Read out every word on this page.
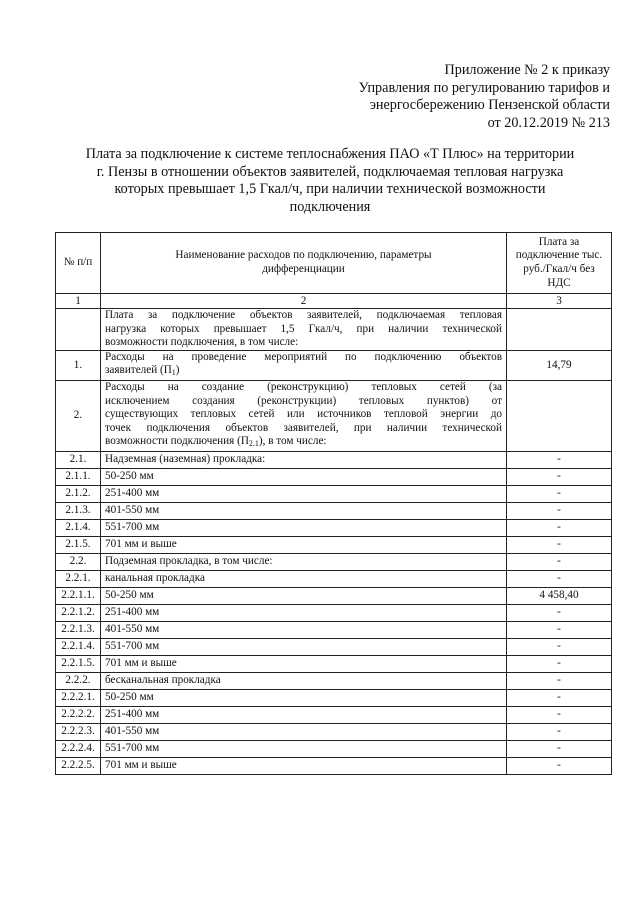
Приложение № 2 к приказу
Управления по регулированию тарифов и
энергосбережению Пензенской области
от 20.12.2019 № 213
Плата за подключение к системе теплоснабжения ПАО «Т Плюс» на территории
г. Пензы в отношении объектов заявителей, подключаемая тепловая нагрузка
которых превышает 1,5 Гкал/ч, при наличии технической возможности
подключения
№ п/п	Наименование расходов по подключению, параметры дифференциации	Плата за подключение тыс. руб./Гкал/ч без НДС
1	2	3

	Плата за подключение объектов заявителей, подключаемая тепловая
нагрузка которых превышает 1,5 Гкал/ч, при наличии технической
возможности подключения, в том числе:	

1.	Расходы на проведение мероприятий по подключению объектов
заявителей $(П_1)$	14,79
2.	Расходы на создание (реконструкцию) тепловых сетей (за
исключением создания (реконструкции) тепловых пунктов) от
существующих тепловых сетей или источников тепловой энергии до
точек подключения объектов заявителей, при наличии технической
возможности подключения $(П_{2.1})$, в том числе:	

2.1.	Надземная (наземная) прокладка:	-
2.1.1.	50-250 мм	-
2.1.2.	251-400 мм	-
2.1.3.	401-550 мм	-
2.1.4.	551-700 мм	-
2.1.5.	701 мм и выше	-
2.2.	Подземная прокладка, в том числе:	-
2.2.1.	канальная прокладка	-
2.2.1.1.	50-250 мм	4 458,40
2.2.1.2.	251-400 мм	-
2.2.1.3.	401-550 мм	-
2.2.1.4.	551-700 мм	-
2.2.1.5.	701 мм и выше	-
2.2.2.	бесканальная прокладка	-
2.2.2.1.	50-250 мм	-
2.2.2.2.	251-400 мм	-
2.2.2.3.	401-550 мм	-
2.2.2.4.	551-700 мм	-
2.2.2.5.	701 мм и выше	-
